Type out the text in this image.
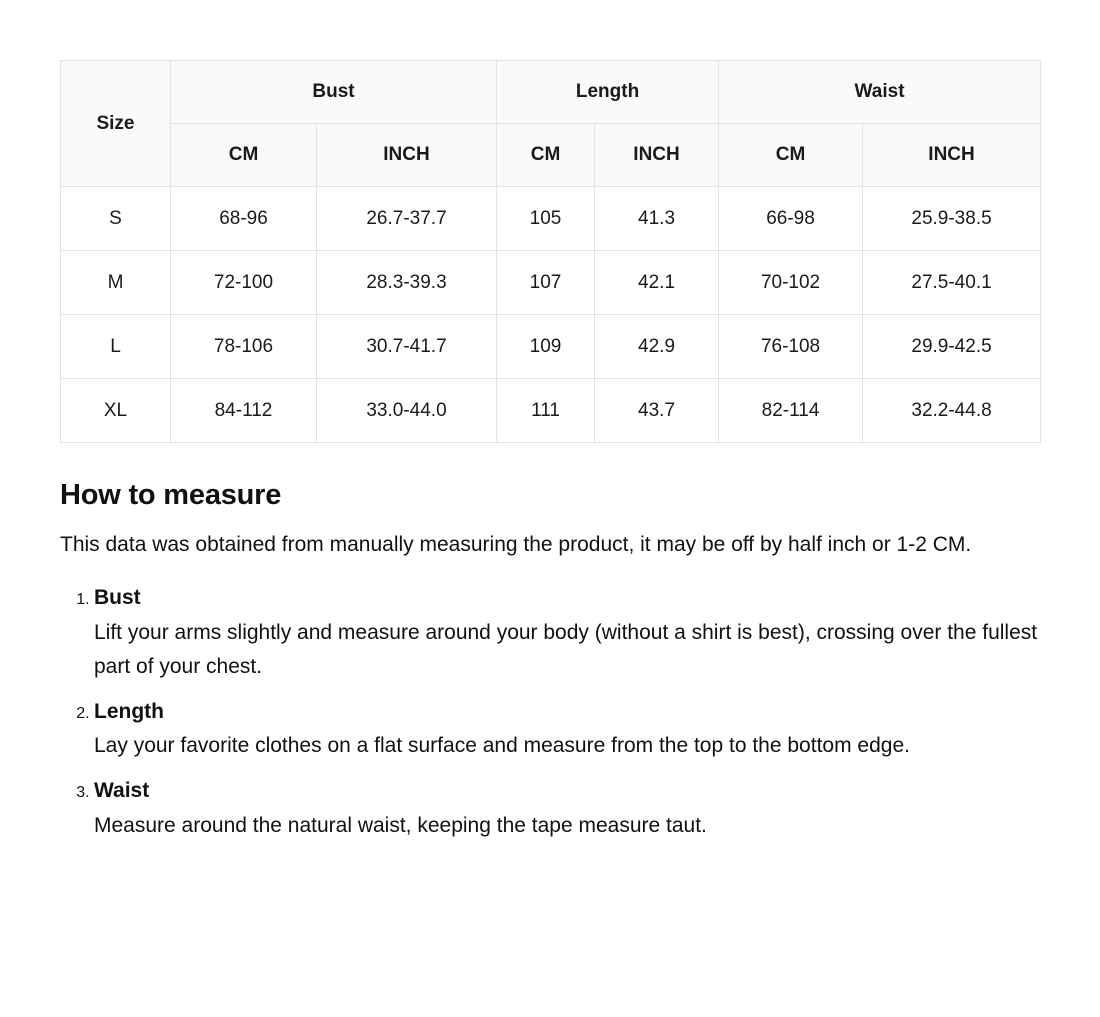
Size	Bust		Length		Waist	
	CM	INCH	CM	INCH	CM	INCH
S	68-96	26.7-37.7	105	41.3	66-98	25.9-38.5
M	72-100	28.3-39.3	107	42.1	70-102	27.5-40.1
L	78-106	30.7-41.7	109	42.9	76-108	29.9-42.5
XL	84-112	33.0-44.0	111	43.7	82-114	32.2-44.8
How to measure

This data was obtained from manually measuring the product, it may be off by half inch or 1-2 CM.

1. Bust
Lift your arms slightly and measure around your body (without a shirt is best), crossing over the fullest part of your chest.
2. Length
Lay your favorite clothes on a flat surface and measure from the top to the bottom edge.
3. Waist
Measure around the natural waist, keeping the tape measure taut.
